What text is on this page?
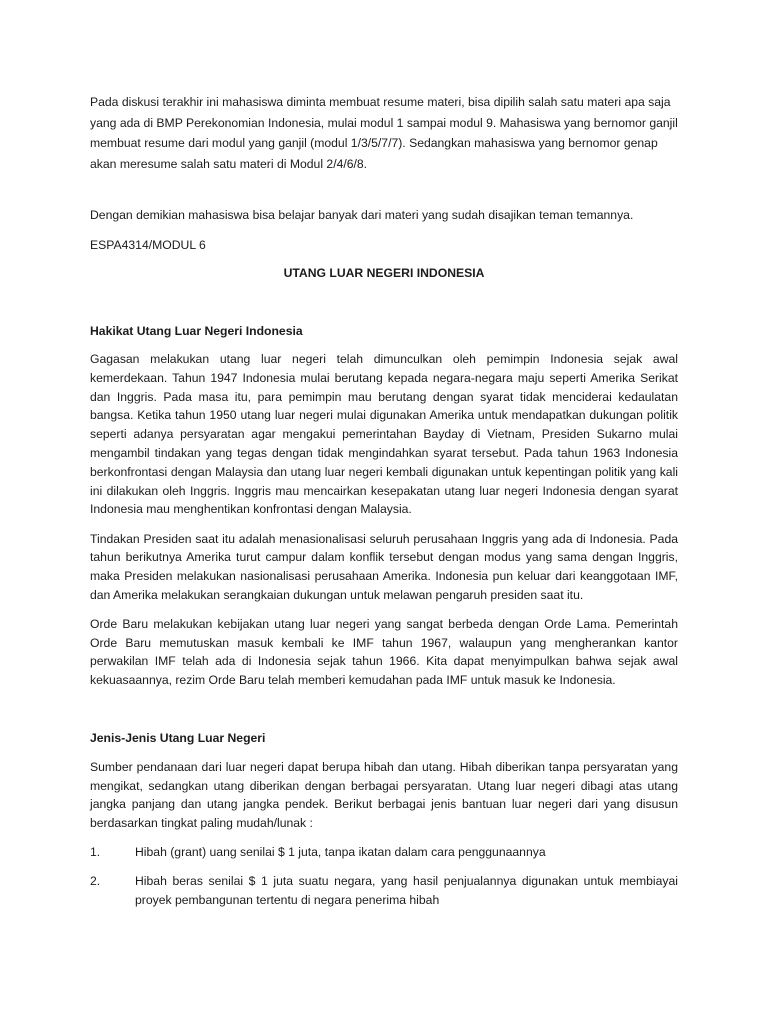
Pada diskusi terakhir ini mahasiswa diminta membuat resume materi, bisa dipilih salah satu materi apa saja yang ada di BMP Perekonomian Indonesia, mulai modul 1 sampai modul 9. Mahasiswa yang bernomor ganjil membuat resume dari modul yang ganjil (modul 1/3/5/7/7). Sedangkan mahasiswa yang bernomor genap akan meresume salah satu materi di Modul 2/4/6/8.

Dengan demikian mahasiswa bisa belajar banyak dari materi yang sudah disajikan teman temannya.

ESPA4314/MODUL 6

UTANG LUAR NEGERI INDONESIA

Hakikat Utang Luar Negeri Indonesia

Gagasan melakukan utang luar negeri telah dimunculkan oleh pemimpin Indonesia sejak awal kemerdekaan. Tahun 1947 Indonesia mulai berutang kepada negara-negara maju seperti Amerika Serikat dan Inggris. Pada masa itu, para pemimpin mau berutang dengan syarat tidak menciderai kedaulatan bangsa. Ketika tahun 1950 utang luar negeri mulai digunakan Amerika untuk mendapatkan dukungan politik seperti adanya persyaratan agar mengakui pemerintahan Bayday di Vietnam, Presiden Sukarno mulai mengambil tindakan yang tegas dengan tidak mengindahkan syarat tersebut. Pada tahun 1963 Indonesia berkonfrontasi dengan Malaysia dan utang luar negeri kembali digunakan untuk kepentingan politik yang kali ini dilakukan oleh Inggris. Inggris mau mencairkan kesepakatan utang luar negeri Indonesia dengan syarat Indonesia mau menghentikan konfrontasi dengan Malaysia.

Tindakan Presiden saat itu adalah menasionalisasi seluruh perusahaan Inggris yang ada di Indonesia. Pada tahun berikutnya Amerika turut campur dalam konflik tersebut dengan modus yang sama dengan Inggris, maka Presiden melakukan nasionalisasi perusahaan Amerika. Indonesia pun keluar dari keanggotaan IMF, dan Amerika melakukan serangkaian dukungan untuk melawan pengaruh presiden saat itu.

Orde Baru melakukan kebijakan utang luar negeri yang sangat berbeda dengan Orde Lama. Pemerintah Orde Baru memutuskan masuk kembali ke IMF tahun 1967, walaupun yang mengherankan kantor perwakilan IMF telah ada di Indonesia sejak tahun 1966. Kita dapat menyimpulkan bahwa sejak awal kekuasaannya, rezim Orde Baru telah memberi kemudahan pada IMF untuk masuk ke Indonesia.

Jenis-Jenis Utang Luar Negeri

Sumber pendanaan dari luar negeri dapat berupa hibah dan utang. Hibah diberikan tanpa persyaratan yang mengikat, sedangkan utang diberikan dengan berbagai persyaratan. Utang luar negeri dibagi atas utang jangka panjang dan utang jangka pendek. Berikut berbagai jenis bantuan luar negeri dari yang disusun berdasarkan tingkat paling mudah/lunak :

1.	Hibah (grant) uang senilai $ 1 juta, tanpa ikatan dalam cara penggunaannya
2.	Hibah beras senilai $ 1 juta suatu negara, yang hasil penjualannya digunakan untuk membiayai proyek pembangunan tertentu di negara penerima hibah
